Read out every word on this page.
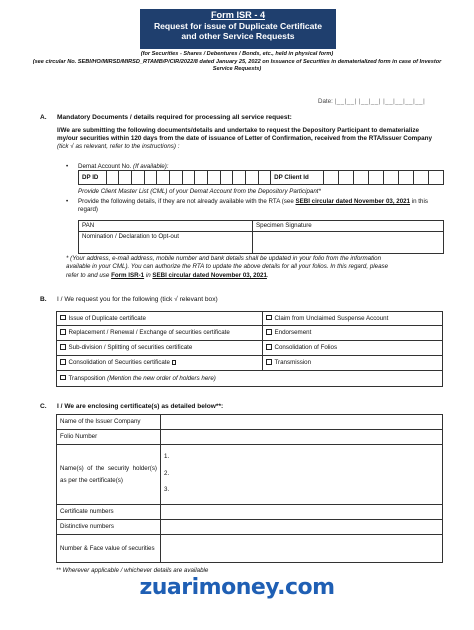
Form ISR - 4
Request for issue of Duplicate Certificate
and other Service Requests
(for Securities - Shares / Debentures / Bonds, etc., held in physical form)
(see circular No. SEBI/HO/MIRSD/MIRSD_RTAMB/P/CIR/2022/8 dated January 25, 2022 on Issuance of Securities in dematerialized form in case of Investor Service Requests)
Date: |__|__| |__|__| |__|__|__|__|
A. Mandatory Documents / details required for processing all service request:
I/We are submitting the following documents/details and undertake to request the Depository Participant to dematerialize my/our securities within 120 days from the date of issuance of Letter of Confirmation, received from the RTA/Issuer Company (tick √ as relevant, refer to the instructions) :
• Demat Account No. (If available):
DP ID														DP Client Id								
Provide Client Master List (CML) of your Demat Account from the Depository Participant*
• Provide the following details, if they are not already available with the RTA (see SEBI circular dated November 03, 2021 in this regard)
PAN	Specimen Signature
Nomination / Declaration to Opt-out	
* (Your address, e-mail address, mobile number and bank details shall be updated in your folio from the information
available in your CML). You can authorize the RTA to update the above details for all your folios. In this regard, please
refer to and use Form ISR-1 in SEBI circular dated November 03, 2021.
B. I / We request you for the following (tick √ relevant box)
Issue of Duplicate certificate	Claim from Unclaimed Suspense Account
Replacement / Renewal / Exchange of securities certificate	Endorsement
Sub-division / Splitting of securities certificate	Consolidation of Folios
Consolidation of Securities certificate	Transmission
Transposition (Mention the new order of holders here)	
C. I / We are enclosing certificate(s) as detailed below**:
Name of the Issuer Company	
Folio Number	
Name(s) of the security holder(s) as per the certificate(s)	1.
2.
3.

Certificate numbers	
Distinctive numbers	
Number & Face value of securities	
** Wherever applicable / whichever details are available
zuarimoney.com
